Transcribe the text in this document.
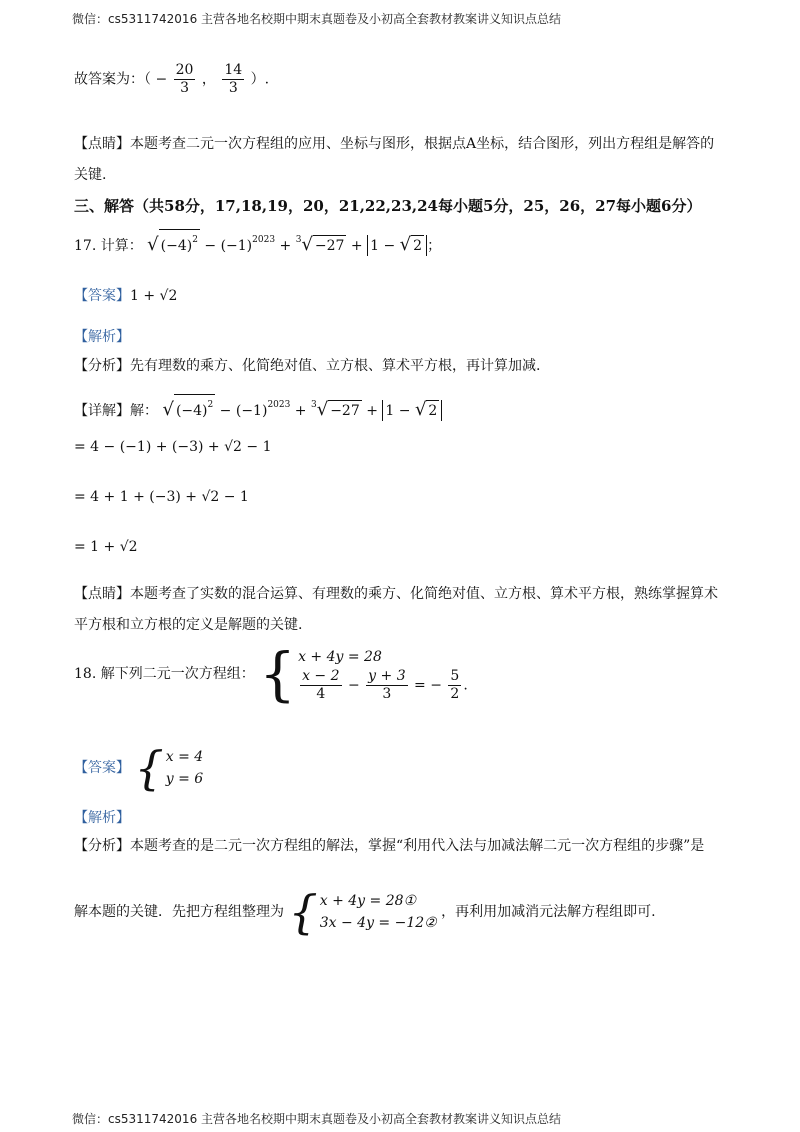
微信：cs5311742016 主营各地名校期中期末真题卷及小初高全套教材教案讲义知识点总结
故答案为：（ − $\frac{20}{3}$ ， $\frac{14}{3}$ ）.
【点睛】本题考查二元一次方程组的应用、坐标与图形，根据点A坐标，结合图形，列出方程组是解答的
关键.
三、解答（共58分，17,18,19，20，21,22,23,24每小题5分，25，26，27每小题6分）
17. 计算： √ $(-4)^2 - (-1)^{2023} + ^3√ -27 + 1$ − √ 2 ；
【答案】1 + √2
【解析】
【分析】先有理数的乘方、化简绝对值、立方根、算术平方根，再计算加减.
【详解】解： √ $(-4)^2 - (-1)^{2023} + ^3√ -27 + 1$ − √ 2
= 4 − (−1) + (−3) + √2 − 1
= 4 + 1 + (−3) + √2 − 1
= 1 + √2
【点睛】本题考查了实数的混合运算、有理数的乘方、化简绝对值、立方根、算术平方根，熟练掌握算术
平方根和立方根的定义是解题的关键.
18. 解下列二元一次方程组： { x + 4y = 28
$\frac{x - 2}{4} - \frac{y + 3}{3}$ = − $\frac{5}{2}$ .
【答案】 { x = 4
y = 6
【解析】
【分析】本题考查的是二元一次方程组的解法，掌握“利用代入法与加减法解二元一次方程组的步骤”是
解本题的关键．先把方程组整理为 { x + 4y = 28①
3x − 4y = −12②
，再利用加减消元法解方程组即可.
微信：cs5311742016 主营各地名校期中期末真题卷及小初高全套教材教案讲义知识点总结
